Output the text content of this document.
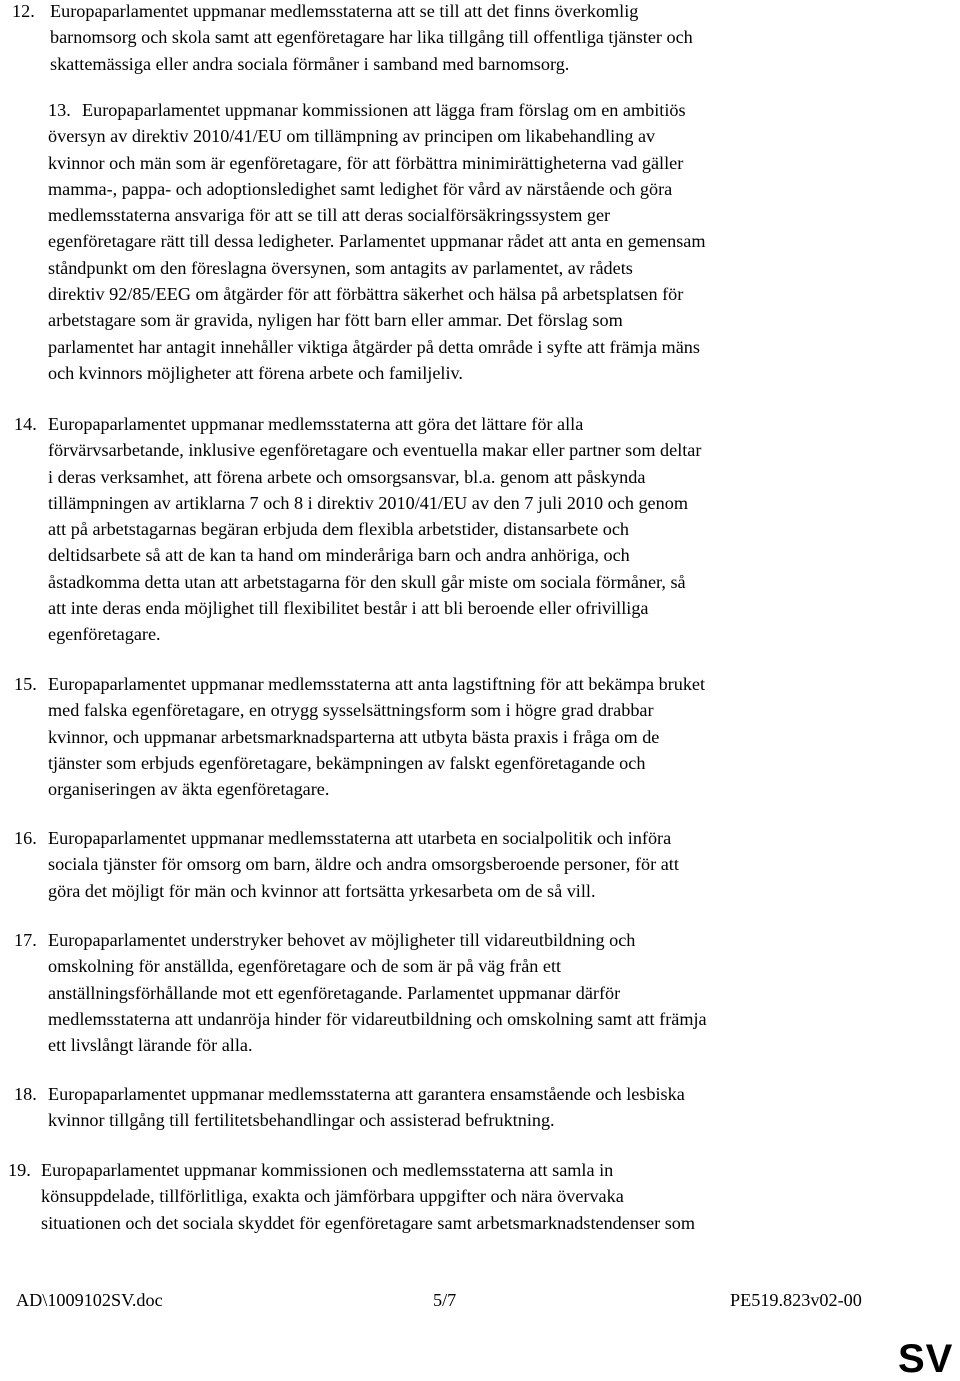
12. Europaparlamentet uppmanar medlemsstaterna att se till att det finns överkomlig
barnomsorg och skola samt att egenföretagare har lika tillgång till offentliga tjänster och
skattemässiga eller andra sociala förmåner i samband med barnomsorg.
13. Europaparlamentet uppmanar kommissionen att lägga fram förslag om en ambitiös
översyn av direktiv 2010/41/EU om tillämpning av principen om likabehandling av
kvinnor och män som är egenföretagare, för att förbättra minimirättigheterna vad gäller
mamma-, pappa- och adoptionsledighet samt ledighet för vård av närstående och göra
medlemsstaterna ansvariga för att se till att deras socialförsäkringssystem ger
egenföretagare rätt till dessa ledigheter. Parlamentet uppmanar rådet att anta en gemensam
ståndpunkt om den föreslagna översynen, som antagits av parlamentet, av rådets
direktiv 92/85/EEG om åtgärder för att förbättra säkerhet och hälsa på arbetsplatsen för
arbetstagare som är gravida, nyligen har fött barn eller ammar. Det förslag som
parlamentet har antagit innehåller viktiga åtgärder på detta område i syfte att främja mäns
och kvinnors möjligheter att förena arbete och familjeliv.
14. Europaparlamentet uppmanar medlemsstaterna att göra det lättare för alla
förvärvsarbetande, inklusive egenföretagare och eventuella makar eller partner som deltar
i deras verksamhet, att förena arbete och omsorgsansvar, bl.a. genom att påskynda
tillämpningen av artiklarna 7 och 8 i direktiv 2010/41/EU av den 7 juli 2010 och genom
att på arbetstagarnas begäran erbjuda dem flexibla arbetstider, distansarbete och
deltidsarbete så att de kan ta hand om minderåriga barn och andra anhöriga, och
åstadkomma detta utan att arbetstagarna för den skull går miste om sociala förmåner, så
att inte deras enda möjlighet till flexibilitet består i att bli beroende eller ofrivilliga
egenföretagare.
15. Europaparlamentet uppmanar medlemsstaterna att anta lagstiftning för att bekämpa bruket
med falska egenföretagare, en otrygg sysselsättningsform som i högre grad drabbar
kvinnor, och uppmanar arbetsmarknadsparterna att utbyta bästa praxis i fråga om de
tjänster som erbjuds egenföretagare, bekämpningen av falskt egenföretagande och
organiseringen av äkta egenföretagare.
16. Europaparlamentet uppmanar medlemsstaterna att utarbeta en socialpolitik och införa
sociala tjänster för omsorg om barn, äldre och andra omsorgsberoende personer, för att
göra det möjligt för män och kvinnor att fortsätta yrkesarbeta om de så vill.
17. Europaparlamentet understryker behovet av möjligheter till vidareutbildning och
omskolning för anställda, egenföretagare och de som är på väg från ett
anställningsförhållande mot ett egenföretagande. Parlamentet uppmanar därför
medlemsstaterna att undanröja hinder för vidareutbildning och omskolning samt att främja
ett livslångt lärande för alla.
18. Europaparlamentet uppmanar medlemsstaterna att garantera ensamstående och lesbiska
kvinnor tillgång till fertilitetsbehandlingar och assisterad befruktning.
19. Europaparlamentet uppmanar kommissionen och medlemsstaterna att samla in
könsuppdelade, tillförlitliga, exakta och jämförbara uppgifter och nära övervaka
situationen och det sociala skyddet för egenföretagare samt arbetsmarknadstendenser som
AD\1009102SV.doc	5/7	PE519.823v02-00
SV
